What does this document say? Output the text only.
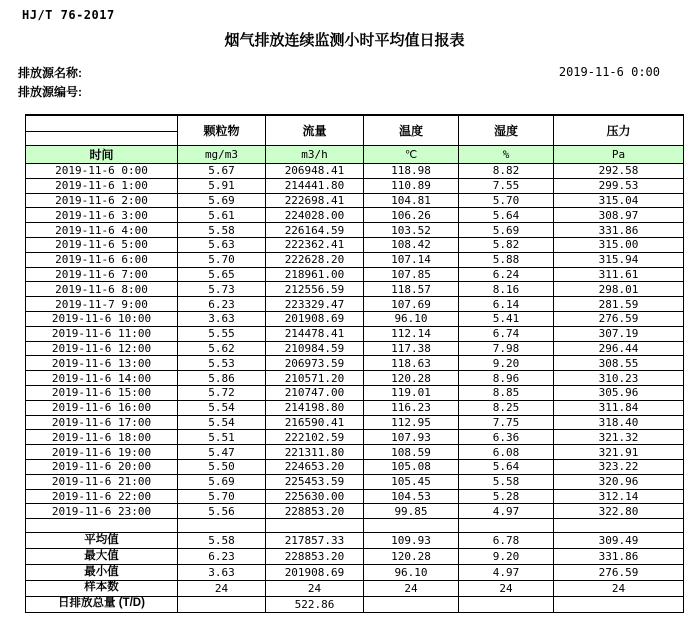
HJ/T 76-2017
烟气排放连续监测小时平均值日报表
排放源名称:
排放源编号:
2019-11-6 0:00
	颗粒物	流量	温度	湿度	压力
时间	mg/m3	m3/h	℃	%	Pa
2019-11-6 0:00	5.67	206948.41	118.98	8.82	292.58
2019-11-6 1:00	5.91	214441.80	110.89	7.55	299.53
2019-11-6 2:00	5.69	222698.41	104.81	5.70	315.04
2019-11-6 3:00	5.61	224028.00	106.26	5.64	308.97
2019-11-6 4:00	5.58	226164.59	103.52	5.69	331.86
2019-11-6 5:00	5.63	222362.41	108.42	5.82	315.00
2019-11-6 6:00	5.70	222628.20	107.14	5.88	315.94
2019-11-6 7:00	5.65	218961.00	107.85	6.24	311.61
2019-11-6 8:00	5.73	212556.59	118.57	8.16	298.01
2019-11-7 9:00	6.23	223329.47	107.69	6.14	281.59
2019-11-6 10:00	3.63	201908.69	96.10	5.41	276.59
2019-11-6 11:00	5.55	214478.41	112.14	6.74	307.19
2019-11-6 12:00	5.62	210984.59	117.38	7.98	296.44
2019-11-6 13:00	5.53	206973.59	118.63	9.20	308.55
2019-11-6 14:00	5.86	210571.20	120.28	8.96	310.23
2019-11-6 15:00	5.72	210747.00	119.01	8.85	305.96
2019-11-6 16:00	5.54	214198.80	116.23	8.25	311.84
2019-11-6 17:00	5.54	216590.41	112.95	7.75	318.40
2019-11-6 18:00	5.51	222102.59	107.93	6.36	321.32
2019-11-6 19:00	5.47	221311.80	108.59	6.08	321.91
2019-11-6 20:00	5.50	224653.20	105.08	5.64	323.22
2019-11-6 21:00	5.69	225453.59	105.45	5.58	320.96
2019-11-6 22:00	5.70	225630.00	104.53	5.28	312.14
2019-11-6 23:00	5.56	228853.20	99.85	4.97	322.80

平均值	5.58	217857.33	109.93	6.78	309.49
最大值	6.23	228853.20	120.28	9.20	331.86
最小值	3.63	201908.69	96.10	4.97	276.59
样本数	24	24	24	24	24
日排放总量 (T/D)		522.86			
